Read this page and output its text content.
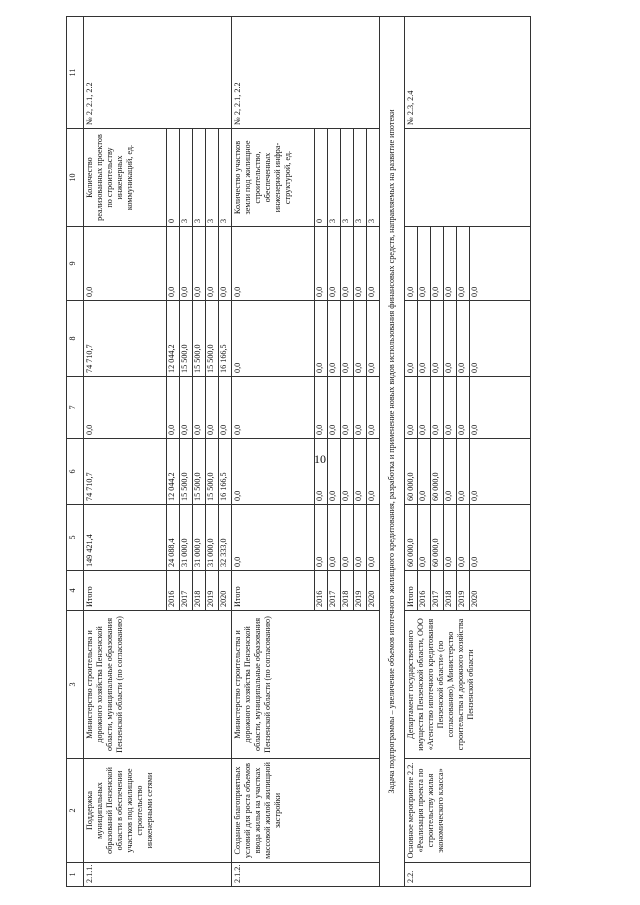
10
1	2	3	4	5	6	7	8	9	10	11
2.1.1.	Поддержка муниципальных образований Пензенской области в обеспечении участков под жилищное строительство инженерными сетями	Министерство строительства и дорожного хозяйства Пензенской области, муниципальные образования Пензенской области (по согласованию)	Итого	149 421,4	74 710,7	0,0	74 710,7	0,0	Количество реализованных проектов по строительству инженерных коммуникаций, ед.	№ 2, 2.1, 2.2
			2016	24 088,4	12 044,2	0,0	12 044,2	0,0	0	
			2017	31 000,0	15 500,0	0,0	15 500,0	0,0	3	
			2018	31 000,0	15 500,0	0,0	15 500,0	0,0	3	
			2019	31 000,0	15 500,0	0,0	15 500,0	0,0	3	
			2020	32 333,0	16 166,5	0,0	16 166,5	0,0	3	
2.1.2.	Создание благоприятных условий для роста объемов ввода жилья на участках массовой жилой жилищной застройки	Министерство строительства и дорожного хозяйства Пензенской области, муниципальные образования Пензенской области (по согласованию)	Итого	0,0	0,0	0,0	0,0	0,0	Количество участков земли под жилищное строительство, обеспеченных инженерной инфра-структурой, ед.	№ 2, 2.1, 2.2
			2016	0,0	0,0	0,0	0,0	0,0	0	
			2017	0,0	0,0	0,0	0,0	0,0	3	
			2018	0,0	0,0	0,0	0,0	0,0	3	
			2019	0,0	0,0	0,0	0,0	0,0	3	
			2020	0,0	0,0	0,0	0,0	0,0	3	
Задача подпрограммы – увеличение объемов ипотечного жилищного кредитования, разработка и применение новых видов использования финансовых средств, направляемых на развитие ипотеки										
2.2.	Основное мероприятие 2.2. «Реализация проекта по строительству жилья экономического класса»	Департамент государственного имущества Пензенской области, ООО «Агентство ипотечного кредитования Пензенской области» (по согласованию), Министерство строительства и дорожного хозяйства Пензенской области	Итого	60 000,0	60 000,0	0,0	0,0	0,0		№ 2.3, 2.4
			2016	0,0	0,0	0,0	0,0	0,0		
			2017	60 000,0	60 000,0	0,0	0,0	0,0		
			2018	0,0	0,0	0,0	0,0	0,0		
			2019	0,0	0,0	0,0	0,0	0,0		
			2020	0,0	0,0	0,0	0,0	0,0		
